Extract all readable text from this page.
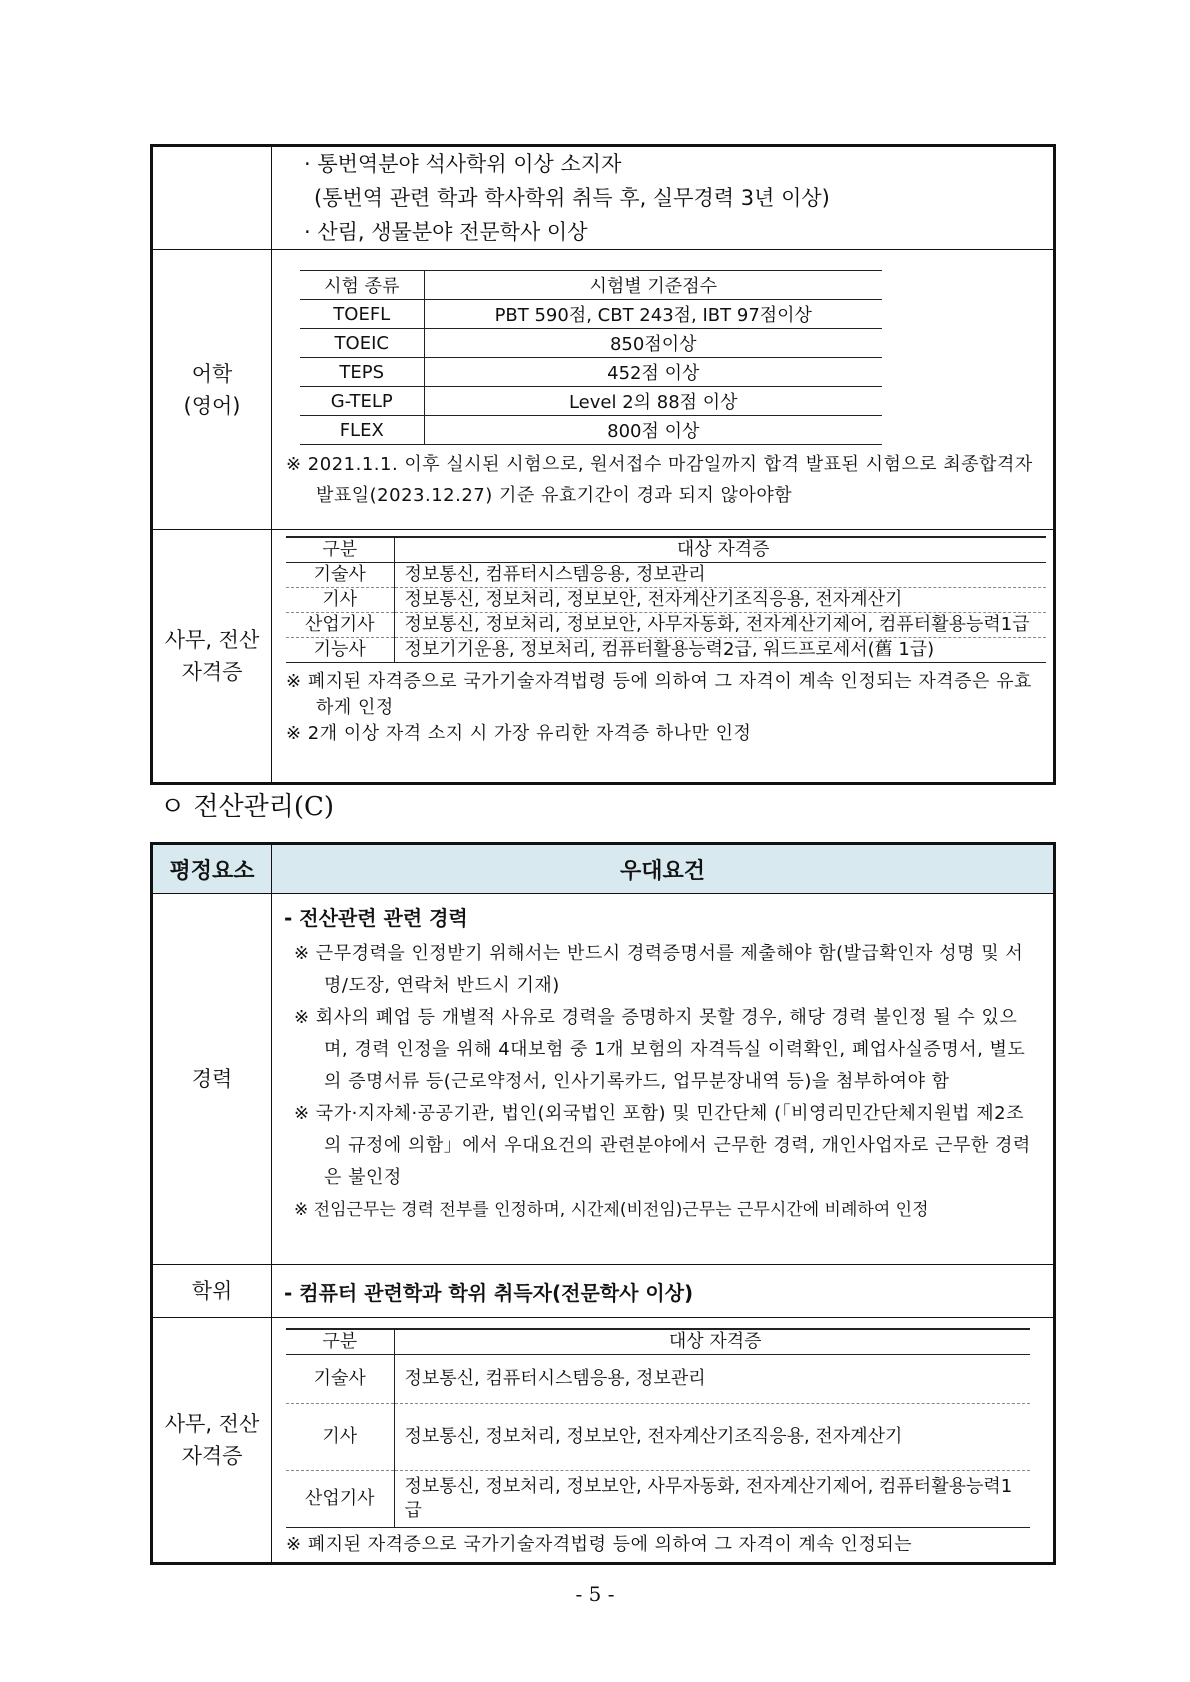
· 통번역분야 석사학위 이상 소지자
(통번역 관련 학과 학사학위 취득 후, 실무경력 3년 이상)
· 산림, 생물분야 전문학사 이상

어학
(영어)

시험 종류	시험별 기준점수
TOEFL	PBT 590점, CBT 243점, IBT 97점이상
TOEIC	850점이상
TEPS	452점 이상
G-TELP	Level 2의 88점 이상
FLEX	800점 이상
※ 2021.1.1. 이후 실시된 시험으로, 원서접수 마감일까지 합격 발표된 시험으로 최종합격자 발표일(2023.12.27) 기준 유효기간이 경과 되지 않아야함

사무, 전산
자격증

구분	대상 자격증
기술사	정보통신, 컴퓨터시스템응용, 정보관리
기사	정보통신, 정보처리, 정보보안, 전자계산기조직응용, 전자계산기
산업기사	정보통신, 정보처리, 정보보안, 사무자동화, 전자계산기제어, 컴퓨터활용능력1급
기능사	정보기기운용, 정보처리, 컴퓨터활용능력2급, 워드프로세서(舊 1급)
※ 폐지된 자격증으로 국가기술자격법령 등에 의하여 그 자격이 계속 인정되는 자격증은 유효하게 인정
※ 2개 이상 자격 소지 시 가장 유리한 자격증 하나만 인정
ㅇ 전산관리(C)
평정요소	우대요건
경력	
- 전산관련 관련 경력
※ 근무경력을 인정받기 위해서는 반드시 경력증명서를 제출해야 함(발급확인자 성명 및 서명/도장, 연락처 반드시 기재)
※ 회사의 폐업 등 개별적 사유로 경력을 증명하지 못할 경우, 해당 경력 불인정 될 수 있으며, 경력 인정을 위해 4대보험 중 1개 보험의 자격득실 이력확인, 폐업사실증명서, 별도의 증명서류 등(근로약정서, 인사기록카드, 업무분장내역 등)을 첨부하여야 함
※ 국가·지자체·공공기관, 법인(외국법인 포함) 및 민간단체 (「비영리민간단체지원법 제2조의 규정에 의함」에서 우대요건의 관련분야에서 근무한 경력, 개인사업자로 근무한 경력은 불인정
※ 전임근무는 경력 전부를 인정하며, 시간제(비전임)근무는 근무시간에 비례하여 인정

학위	- 컴퓨터 관련학과 학위 취득자(전문학사 이상)

사무, 전산
자격증

구분	대상 자격증
기술사	정보통신, 컴퓨터시스템응용, 정보관리
기사	정보통신, 정보처리, 정보보안, 전자계산기조직응용, 전자계산기
산업기사	정보통신, 정보처리, 정보보안, 사무자동화, 전자계산기제어, 컴퓨터활용능력1급
※ 폐지된 자격증으로 국가기술자격법령 등에 의하여 그 자격이 계속 인정되는
- 5 -
